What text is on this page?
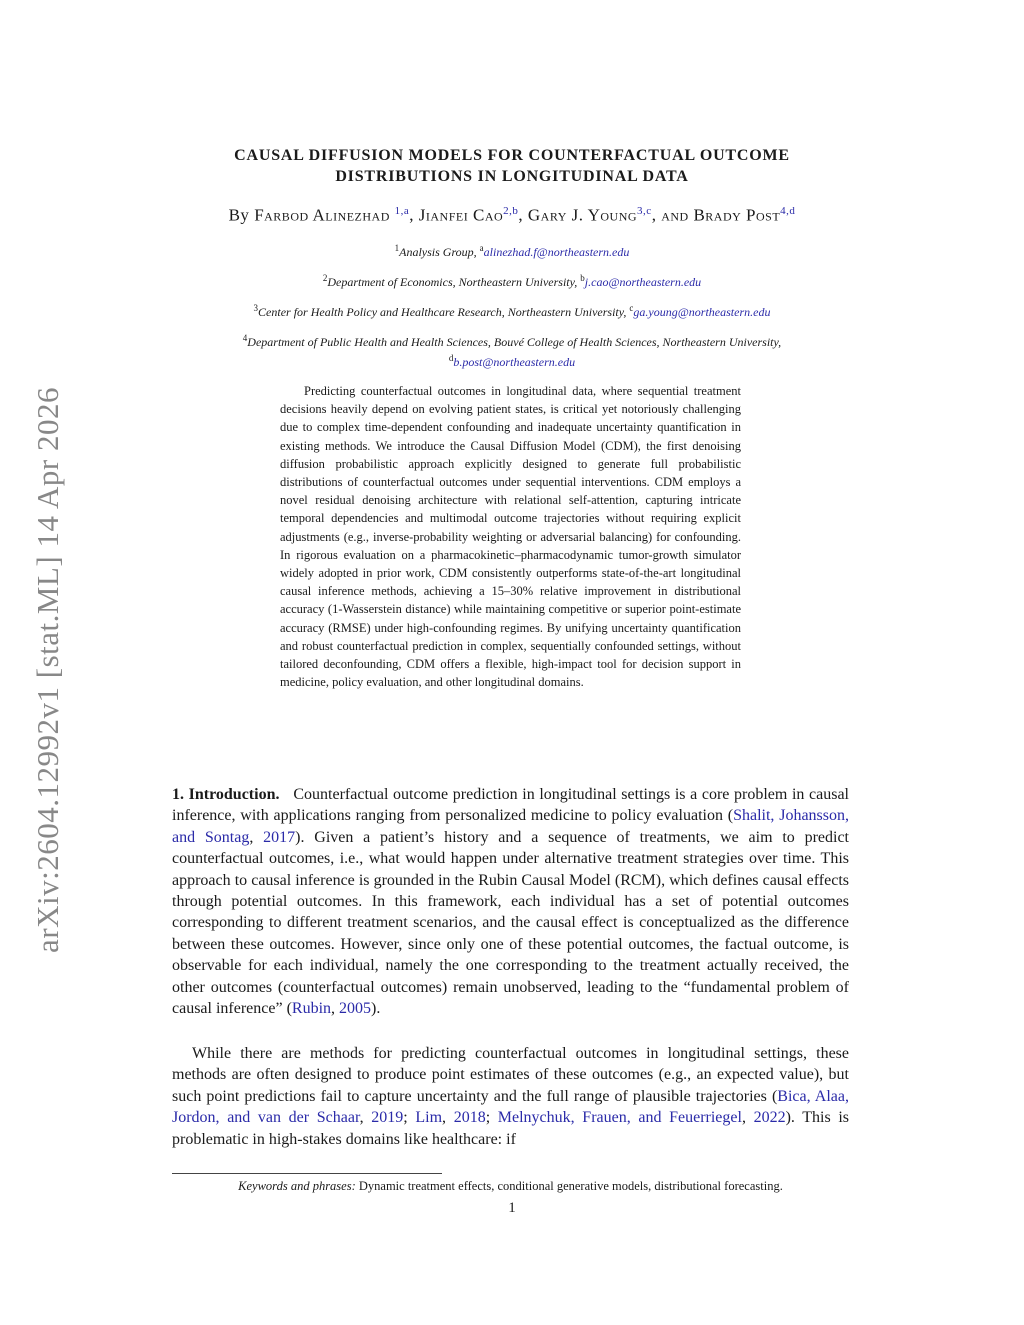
arXiv:2604.12992v1 [stat.ML] 14 Apr 2026
CAUSAL DIFFUSION MODELS FOR COUNTERFACTUAL OUTCOME
DISTRIBUTIONS IN LONGITUDINAL DATA
By Farbod Alinezhad $^{1,a}$, Jianfei Cao$^{2,b}$, Gary J. Young$^{3,c}$, and Brady Post$^{4,d}$
$^1$Analysis Group, $^a$alinezhad.f@northeastern.edu
$^2$Department of Economics, Northeastern University, $^b$j.cao@northeastern.edu
$^3$Center for Health Policy and Healthcare Research, Northeastern University, $^c$ga.young@northeastern.edu
$^4$Department of Public Health and Health Sciences, Bouvé College of Health Sciences, Northeastern University,
$^d$b.post@northeastern.edu

Predicting counterfactual outcomes in longitudinal data, where sequential treatment decisions heavily depend on evolving patient states, is critical yet notoriously challenging due to complex time-dependent confounding and inadequate uncertainty quantification in existing methods. We introduce the Causal Diffusion Model (CDM), the first denoising diffusion probabilistic approach explicitly designed to generate full probabilistic distributions of counterfactual outcomes under sequential interventions. CDM employs a novel residual denoising architecture with relational self-attention, capturing intricate temporal dependencies and multimodal outcome trajectories without requiring explicit adjustments (e.g., inverse-probability weighting or adversarial balancing) for confounding. In rigorous evaluation on a pharmacokinetic–pharmacodynamic tumor-growth simulator widely adopted in prior work, CDM consistently outperforms state-of-the-art longitudinal causal inference methods, achieving a 15–30% relative improvement in distributional accuracy (1-Wasserstein distance) while maintaining competitive or superior point-estimate accuracy (RMSE) under high-confounding regimes. By unifying uncertainty quantification and robust counterfactual prediction in complex, sequentially confounded settings, without tailored deconfounding, CDM offers a flexible, high-impact tool for decision support in medicine, policy evaluation, and other longitudinal domains.

1. Introduction. Counterfactual outcome prediction in longitudinal settings is a core problem in causal inference, with applications ranging from personalized medicine to policy evaluation (Shalit, Johansson, and Sontag, 2017). Given a patient’s history and a sequence of treatments, we aim to predict counterfactual outcomes, i.e., what would happen under alternative treatment strategies over time. This approach to causal inference is grounded in the Rubin Causal Model (RCM), which defines causal effects through potential outcomes. In this framework, each individual has a set of potential outcomes corresponding to different treatment scenarios, and the causal effect is conceptualized as the difference between these outcomes. However, since only one of these potential outcomes, the factual outcome, is observable for each individual, namely the one corresponding to the treatment actually received, the other outcomes (counterfactual outcomes) remain unobserved, leading to the “fundamental problem of causal inference” (Rubin, 2005).

While there are methods for predicting counterfactual outcomes in longitudinal settings, these methods are often designed to produce point estimates of these outcomes (e.g., an expected value), but such point predictions fail to capture uncertainty and the full range of plausible trajectories (Bica, Alaa, Jordon, and van der Schaar, 2019; Lim, 2018; Melnychuk, Frauen, and Feuerriegel, 2022). This is problematic in high-stakes domains like healthcare: if

Keywords and phrases: Dynamic treatment effects, conditional generative models, distributional forecasting.
1
